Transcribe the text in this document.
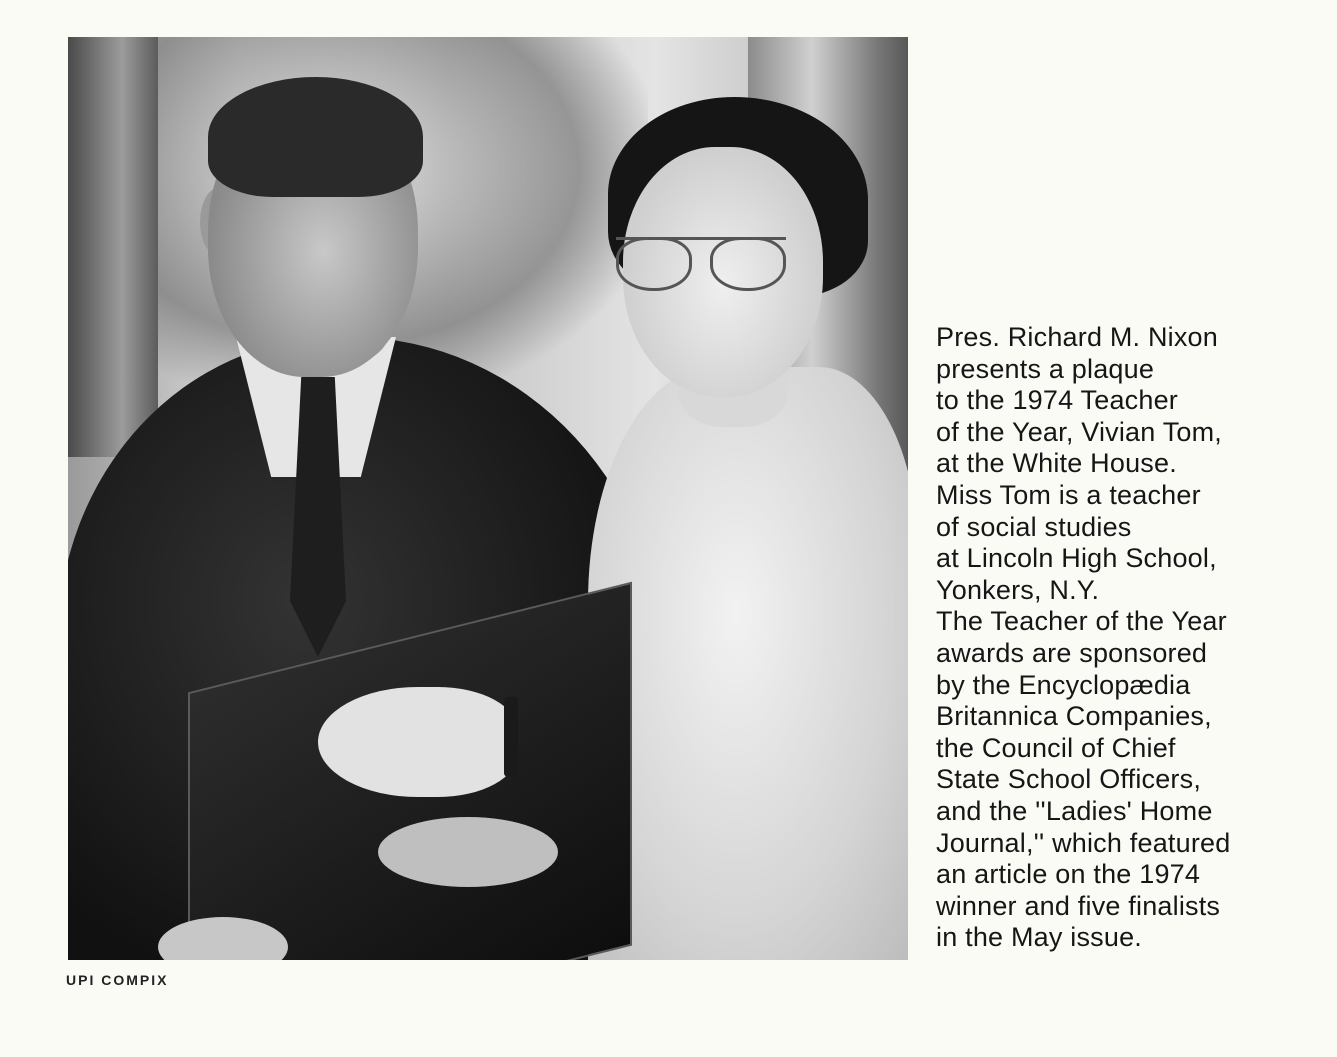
Pres. Richard M. Nixon
presents a plaque
to the 1974 Teacher
of the Year, Vivian Tom,
at the White House.
Miss Tom is a teacher
of social studies
at Lincoln High School,
Yonkers, N.Y.
The Teacher of the Year
awards are sponsored
by the Encyclopædia
Britannica Companies,
the Council of Chief
State School Officers,
and the ''Ladies' Home
Journal,'' which featured
an article on the 1974
winner and five finalists
in the May issue.

UPI COMPIX
